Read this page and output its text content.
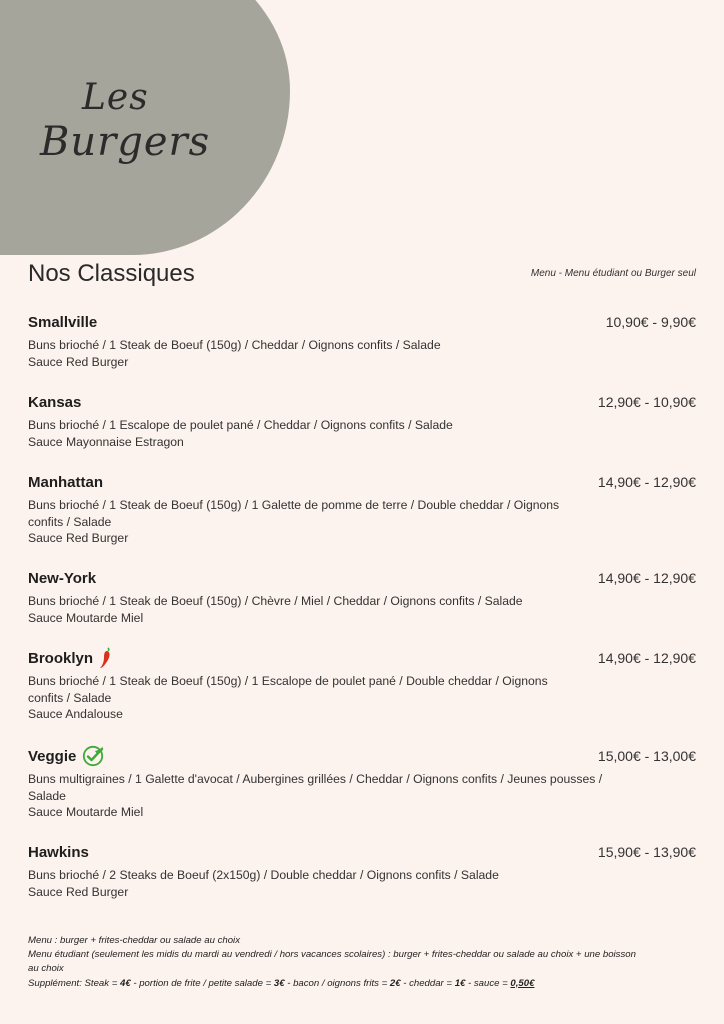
Les
Burgers
Nos Classiques	Menu - Menu étudiant ou Burger seul
Smallville	10,90€ - 9,90€
Buns brioché / 1 Steak de Boeuf (150g) / Cheddar / Oignons confits / Salade
Sauce Red Burger
Kansas	12,90€ - 10,90€
Buns brioché / 1 Escalope de poulet pané / Cheddar / Oignons confits / Salade
Sauce Mayonnaise Estragon
Manhattan	14,90€ - 12,90€
Buns brioché / 1 Steak de Boeuf (150g) / 1 Galette de pomme de terre / Double cheddar / Oignons confits / Salade
Sauce Red Burger
New-York	14,90€ - 12,90€
Buns brioché / 1 Steak de Boeuf (150g) / Chèvre / Miel / Cheddar / Oignons confits / Salade
Sauce Moutarde Miel
Brooklyn	14,90€ - 12,90€
Buns brioché / 1 Steak de Boeuf (150g) / 1 Escalope de poulet pané / Double cheddar / Oignons confits / Salade
Sauce Andalouse
Veggie	15,00€ - 13,00€
Buns multigraines / 1 Galette d'avocat / Aubergines grillées / Cheddar / Oignons confits / Jeunes pousses / Salade
Sauce Moutarde Miel
Hawkins	15,90€ - 13,90€
Buns brioché / 2 Steaks de Boeuf (2x150g) / Double cheddar / Oignons confits / Salade
Sauce Red Burger
Menu : burger + frites-cheddar ou salade au choix
Menu étudiant (seulement les midis du mardi au vendredi / hors vacances scolaires) : burger + frites-cheddar ou salade au choix + une boisson au choix
Supplément: Steak = 4€ - portion de frite / petite salade = 3€ - bacon / oignons frits = 2€ - cheddar = 1€ - sauce = 0,50€
